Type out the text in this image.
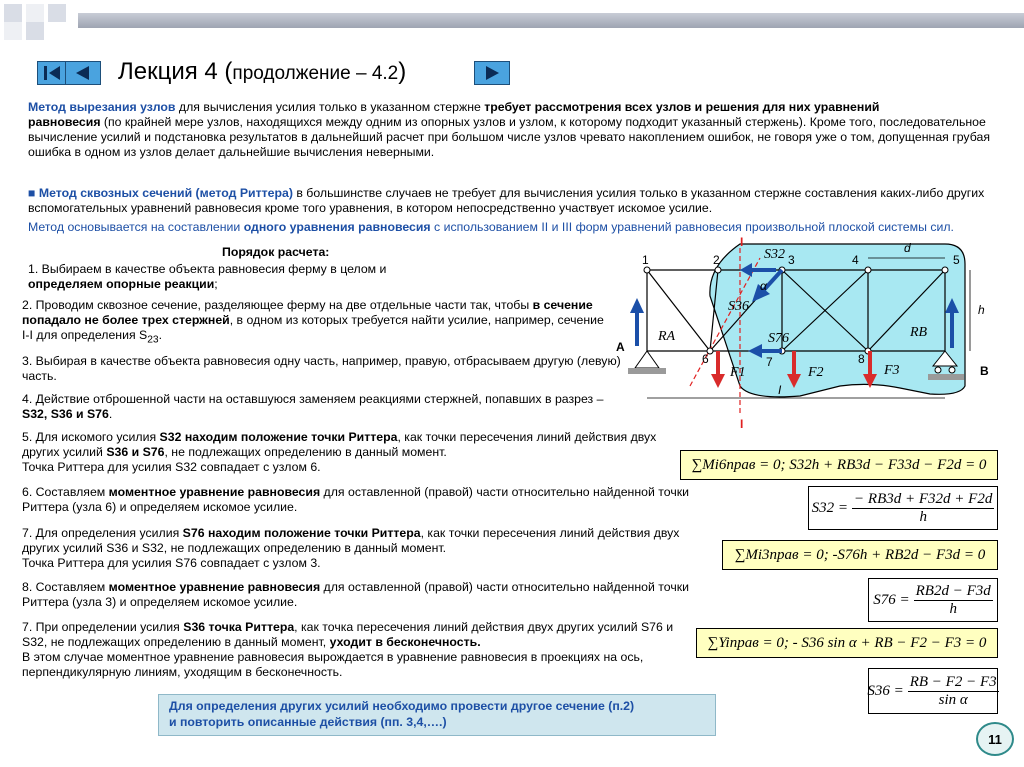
Лекция 4 (продолжение – 4.2)
Метод вырезания узлов для вычисления усилия только в указанном стержне требует рассмотрения всех узлов и решения для них уравнений
равновесия (по крайней мере узлов, находящихся между одним из опорных узлов и узлом, к которому подходит указанный стержень). Кроме того, последовательное вычисление усилий и подстановка результатов в дальнейший расчет при большом числе узлов чревато накоплением ошибок, не говоря уже о том, допущенная грубая ошибка в одном из узлов делает дальнейшие вычисления неверными.
■ Метод сквозных сечений (метод Риттера) в большинстве случаев не требует для вычисления усилия только в указанном стержне составления каких-либо других вспомогательных уравнений равновесия кроме того уравнения, в котором непосредственно участвует искомое усилие.
Метод основывается на составлении одного уравнения равновесия с использованием II и III форм уравнений равновесия произвольной плоской системы сил.
1	2	3	4	5
6	7	8
A
B
d
h
α
I
I
I
S32
S36
S76
RA	RB
F1	F2	F3
Порядок расчета:
1. Выбираем в качестве объекта равновесия ферму в целом и определяем опорные реакции;
2. Проводим сквозное сечение, разделяющее ферму на две отдельные части так, чтобы в сечение попадало не более трех стержней, в одном из которых требуется найти усилие, например, сечение I-I для определения $S_{23}$.
3. Выбирая в качестве объекта равновесия одну часть, например, правую, отбрасываем другую (левую) часть.
4. Действие отброшенной части на оставшуюся заменяем реакциями стержней, попавших в разрез – S32, S36 и S76.
5. Для искомого усилия S32 находим положение точки Риттера, как точки пересечения линий действия двух других усилий S36 и S76, не подлежащих определению в данный момент.
Точка Риттера для усилия S32 совпадает с узлом 6.
6. Составляем моментное уравнение равновесия для оставленной (правой) части относительно найденной точки Риттера (узла 6) и определяем искомое усилие.
7. Для определения усилия S76 находим положение точки Риттера, как точки пересечения линий действия двух других усилий S36 и S32, не подлежащих определению в данный момент.
Точка Риттера для усилия S76 совпадает с узлом 3.
8. Составляем моментное уравнение равновесия для оставленной (правой) части относительно найденной точки Риттера (узла 3) и определяем искомое усилие.
7. При определении усилия S36 точка Риттера, как точка пересечения линий действия двух других усилий S76 и S32, не подлежащих определению в данный момент, уходит в бесконечность.
В этом случае моментное уравнение равновесия вырождается в уравнение равновесия в проекциях на ось, перпендикулярную линиям, уходящим в бесконечность.
∑Mi6прав = 0; S32h + RB3d − F33d − F2d = 0
$S32 = \frac{- RB3d + F32d + F2d}{h}$
∑Mi3прав = 0; -S76h + RB2d − F3d = 0
$S76 = \frac{RB2d - F3d}{h}$
∑Yiправ = 0; - S36 sin α + RB − F2 − F3 = 0
$S36 = \frac{RB - F2 - F3}{\text{sin α}}$
Для определения других усилий необходимо провести другое сечение (п.2)
и повторить описанные действия (пп. 3,4,….)
11
